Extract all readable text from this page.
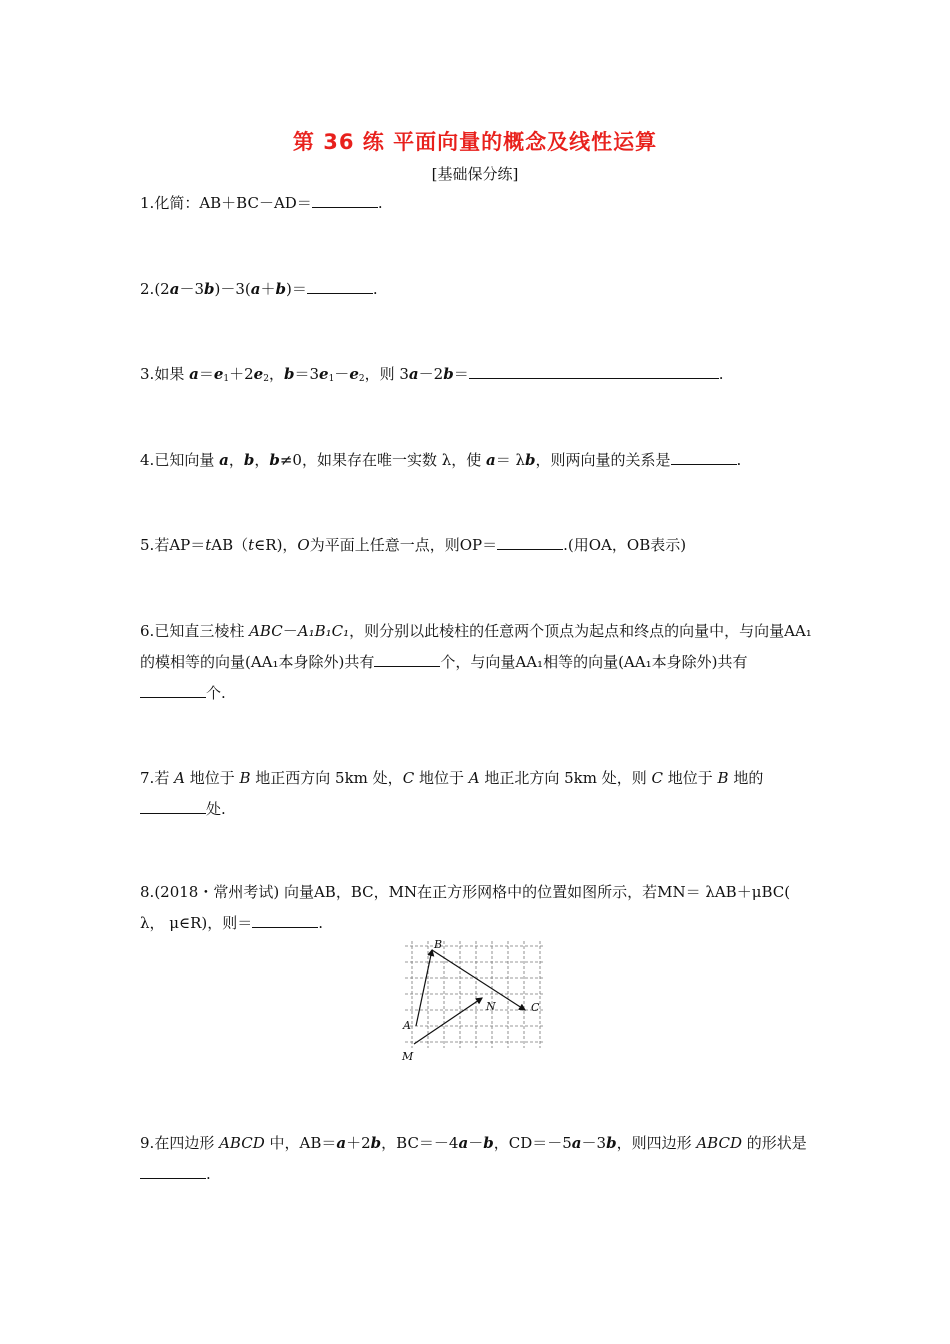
第 36 练 平面向量的概念及线性运算
[基础保分练]
1.化简：AB＋BC－AD＝	.
2.(2a－3b)－3(a＋b)＝	.
3.如果 $a=e_1+2e_2$，$b=3e_1-e_2$，则 3a－2b＝	.
4.已知向量 a，b，b≠0，如果存在唯一实数 λ，使 a＝ λb，则两向量的关系是	.
5.若AP＝tAB（t∈R)，O为平面上任意一点，则OP＝	.(用OA，OB表示)
6.已知直三棱柱 ABC－A₁B₁C₁，则分别以此棱柱的任意两个顶点为起点和终点的向量中，与向量AA₁的模相等的向量(AA₁本身除外)共有	个，与向量AA₁相等的向量(AA₁本身除外)共有个.
7.若 A 地位于 B 地正西方向 5km 处，C 地位于 A 地正北方向 5km 处，则 C 地位于 B 地的处.
8.(2018・常州考试) 向量AB，BC，MN在正方形网格中的位置如图所示，若MN＝ λAB＋μBC( λ， μ∈R)，则＝	.
B
C
N
A
M
9.在四边形 ABCD 中，AB＝a＋2b，BC＝－4a－b，CD＝－5a－3b，则四边形 ABCD 的形状是.
